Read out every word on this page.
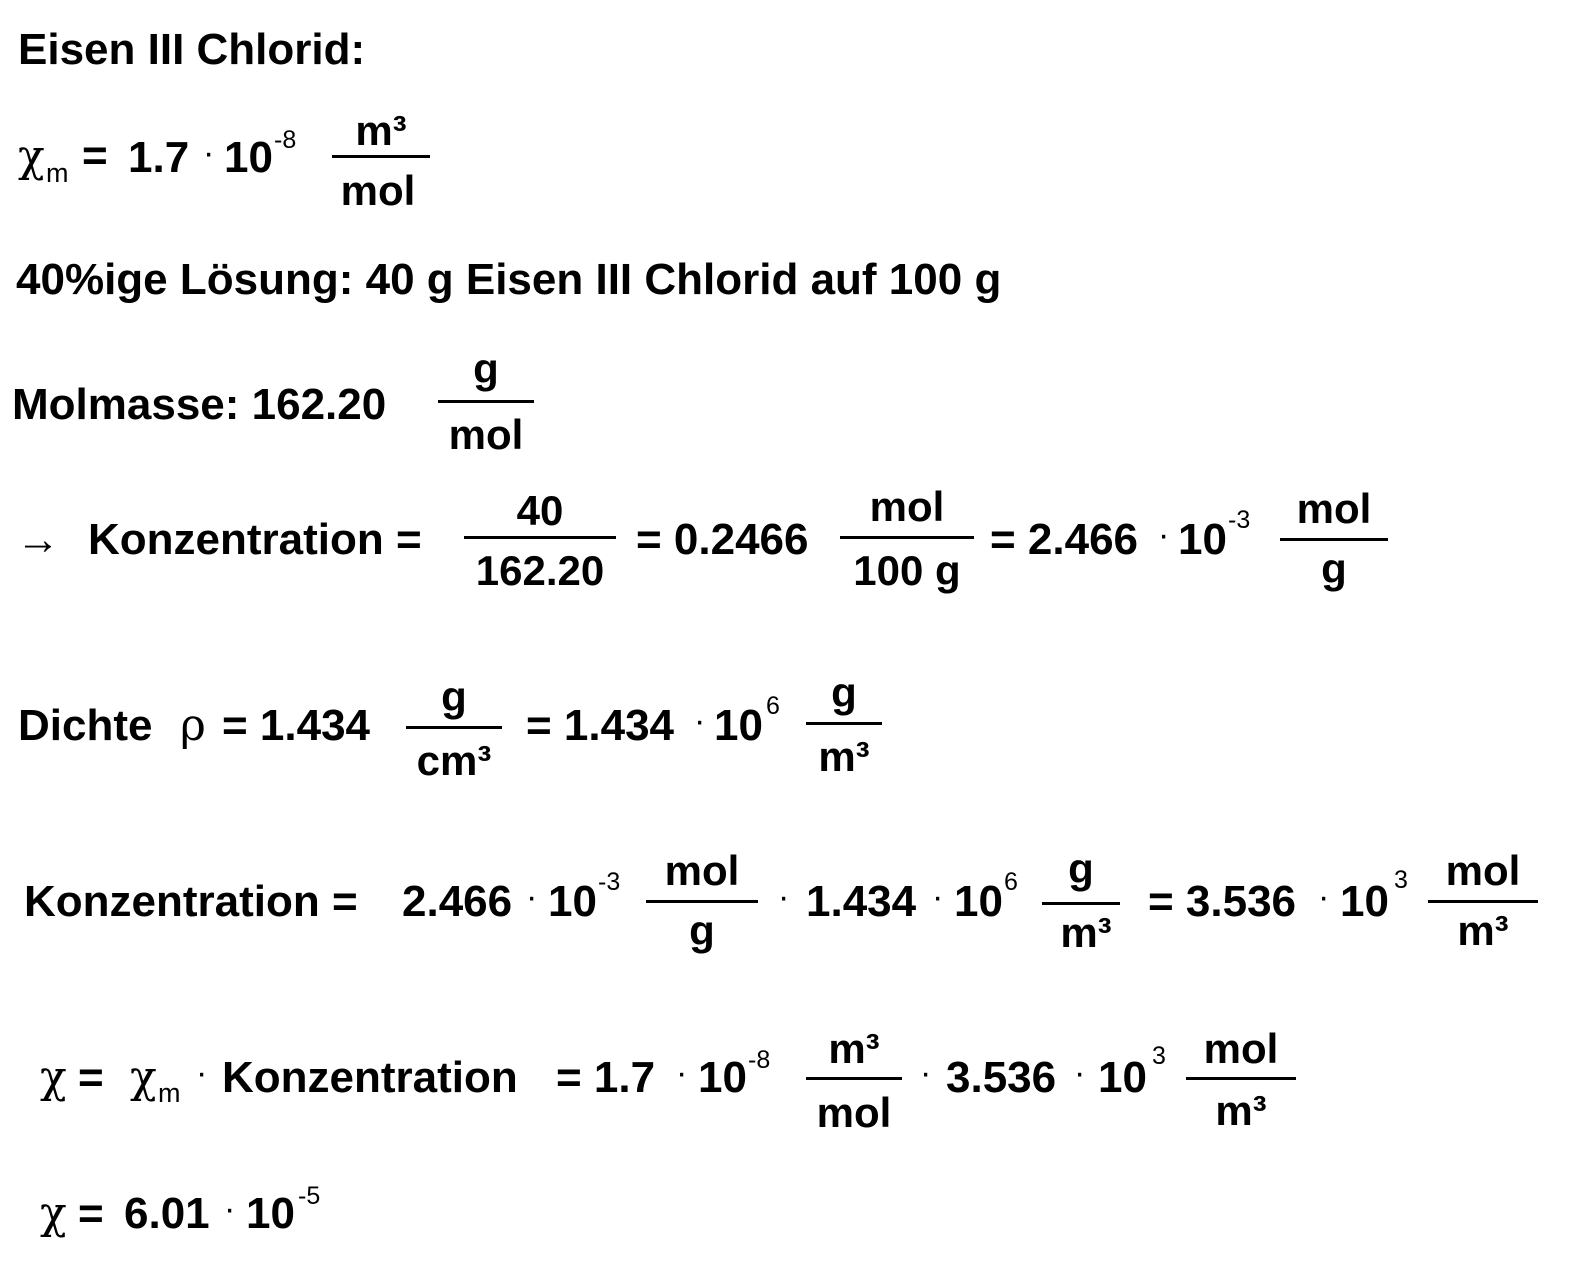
Eisen III Chlorid:
χ m = 1.7 · 10 -8	m³
mol
40%ige Lösung: 40 g Eisen III Chlorid auf 100 g
Molmasse: 162.20
g
mol
→ Konzentration =
40
162.20
= 0.2466
mol
100 g
= 2.466 · 10 -3	mol
g
Dichte ρ = 1.434
g
cm³
= 1.434 · 10 6	g
m³
Konzentration = 2.466 · 10 -3	mol
g
· 1.434 · 10 6	g
m³
= 3.536 · 10 3 mol
m³
χ = χ m
· Konzentration = 1.7 · 10 -8	m³
mol
· 3.536 · 10 3 mol
m³
χ = 6.01 · 10 -5
